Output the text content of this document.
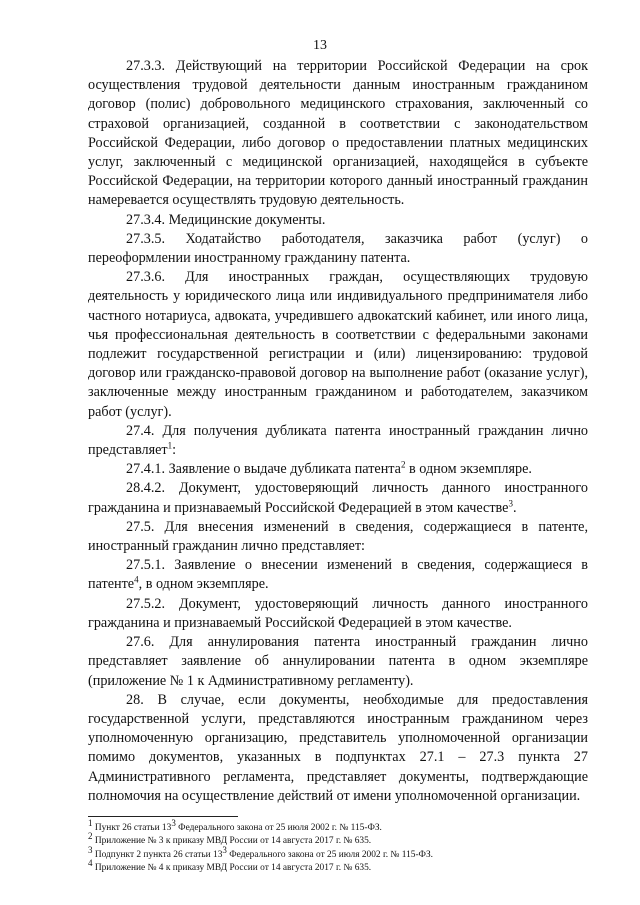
13

27.3.3. Действующий на территории Российской Федерации на срок осуществления трудовой деятельности данным иностранным гражданином договор (полис) добровольного медицинского страхования, заключенный со страховой организацией, созданной в соответствии с законодательством Российской Федерации, либо договор о предоставлении платных медицинских услуг, заключенный с медицинской организацией, находящейся в субъекте Российской Федерации, на территории которого данный иностранный гражданин намеревается осуществлять трудовую деятельность.

27.3.4. Медицинские документы.

27.3.5. Ходатайство работодателя, заказчика работ (услуг) о переоформлении иностранному гражданину патента.

27.3.6. Для иностранных граждан, осуществляющих трудовую деятельность у юридического лица или индивидуального предпринимателя либо частного нотариуса, адвоката, учредившего адвокатский кабинет, или иного лица, чья профессиональная деятельность в соответствии с федеральными законами подлежит государственной регистрации и (или) лицензированию: трудовой договор или гражданско-правовой договор на выполнение работ (оказание услуг), заключенные между иностранным гражданином и работодателем, заказчиком работ (услуг).

27.4. Для получения дубликата патента иностранный гражданин лично представляет$^1$:

27.4.1. Заявление о выдаче дубликата патента$^2$ в одном экземпляре.

28.4.2. Документ, удостоверяющий личность данного иностранного гражданина и признаваемый Российской Федерацией в этом качестве$^3$.

27.5. Для внесения изменений в сведения, содержащиеся в патенте, иностранный гражданин лично представляет:

27.5.1. Заявление о внесении изменений в сведения, содержащиеся в патенте$^4$, в одном экземпляре.

27.5.2. Документ, удостоверяющий личность данного иностранного гражданина и признаваемый Российской Федерацией в этом качестве.

27.6. Для аннулирования патента иностранный гражданин лично представляет заявление об аннулировании патента в одном экземпляре (приложение № 1 к Административному регламенту).

28. В случае, если документы, необходимые для предоставления государственной услуги, представляются иностранным гражданином через уполномоченную организацию, представитель уполномоченной организации помимо документов, указанных в подпунктах 27.1 – 27.3 пункта 27 Административного регламента, представляет документы, подтверждающие полномочия на осуществление действий от имени уполномоченной организации.

$^1$ Пункт 26 статьи $13^3$ Федерального закона от 25 июля 2002 г. № 115-ФЗ.
$^2$ Приложение № 3 к приказу МВД России от 14 августа 2017 г. № 635.
$^3$ Подпункт 2 пункта 26 статьи $13^3$ Федерального закона от 25 июля 2002 г. № 115-ФЗ.
$^4$ Приложение № 4 к приказу МВД России от 14 августа 2017 г. № 635.
